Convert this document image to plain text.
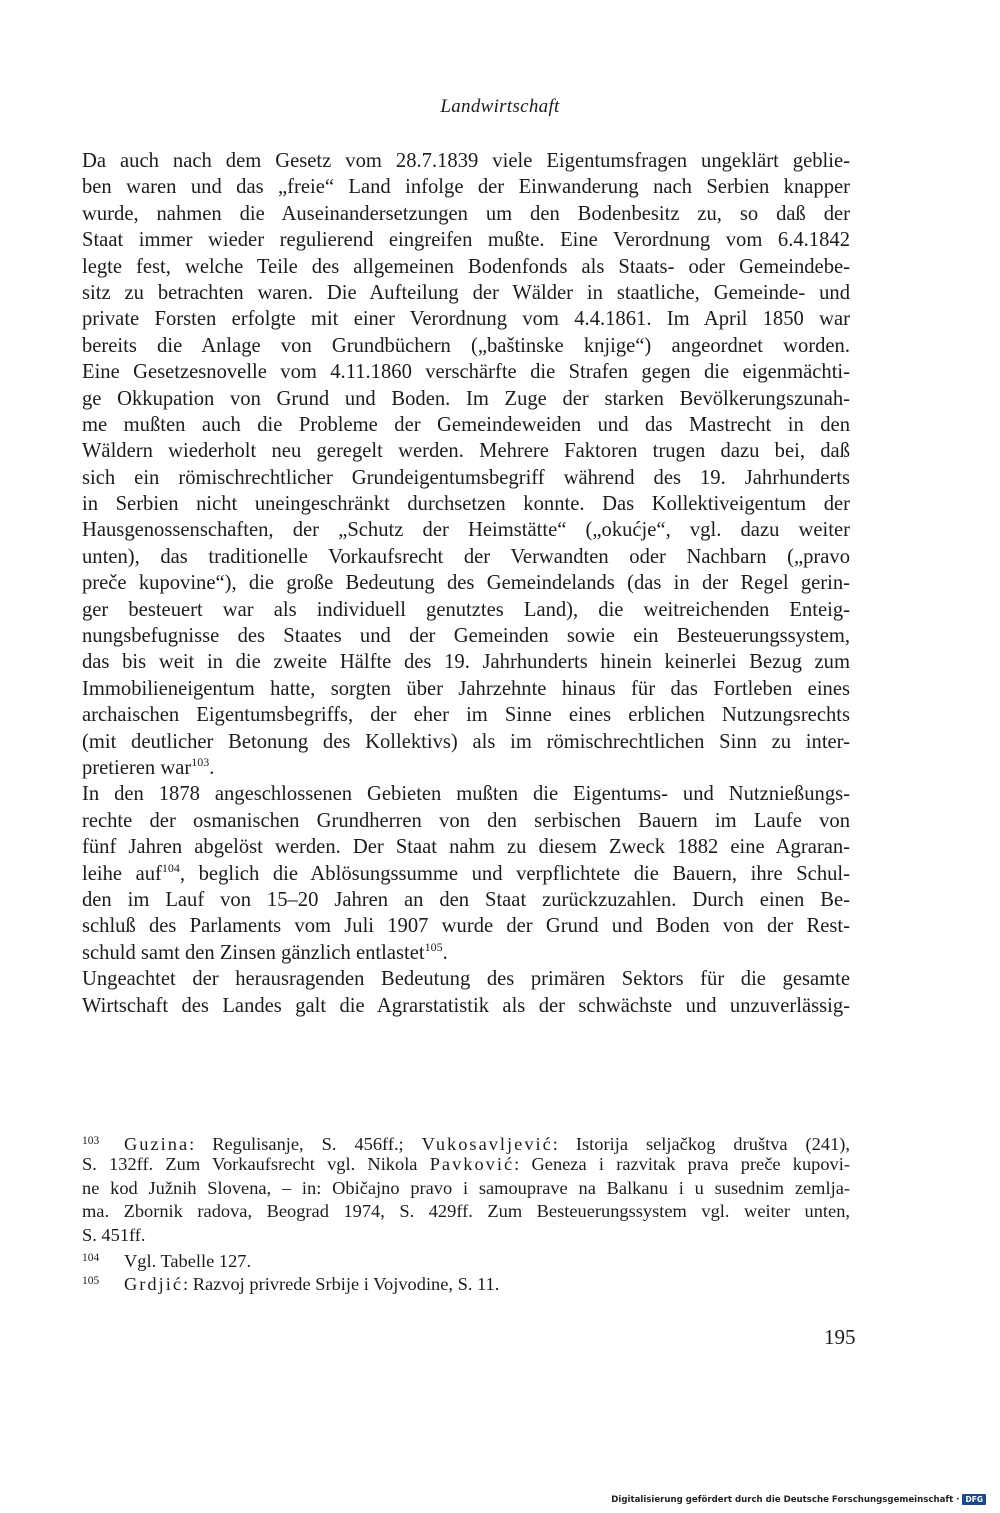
Landwirtschaft
Da auch nach dem Gesetz vom 28.7.1839 viele Eigentumsfragen ungeklärt geblie-
ben waren und das „freie“ Land infolge der Einwanderung nach Serbien knapper
wurde, nahmen die Auseinandersetzungen um den Bodenbesitz zu, so daß der
Staat immer wieder regulierend eingreifen mußte. Eine Verordnung vom 6.4.1842
legte fest, welche Teile des allgemeinen Bodenfonds als Staats- oder Gemeindebe-
sitz zu betrachten waren. Die Aufteilung der Wälder in staatliche, Gemeinde- und
private Forsten erfolgte mit einer Verordnung vom 4.4.1861. Im April 1850 war
bereits die Anlage von Grundbüchern („baštinske knjige“) angeordnet worden.
Eine Gesetzesnovelle vom 4.11.1860 verschärfte die Strafen gegen die eigenmächti-
ge Okkupation von Grund und Boden. Im Zuge der starken Bevölkerungszunah-
me mußten auch die Probleme der Gemeindeweiden und das Mastrecht in den
Wäldern wiederholt neu geregelt werden. Mehrere Faktoren trugen dazu bei, daß
sich ein römischrechtlicher Grundeigentumsbegriff während des 19. Jahrhunderts
in Serbien nicht uneingeschränkt durchsetzen konnte. Das Kollektiveigentum der
Hausgenossenschaften, der „Schutz der Heimstätte“ („okućje“, vgl. dazu weiter
unten), das traditionelle Vorkaufsrecht der Verwandten oder Nachbarn („pravo
preče kupovine“), die große Bedeutung des Gemeindelands (das in der Regel gerin-
ger besteuert war als individuell genutztes Land), die weitreichenden Enteig-
nungsbefugnisse des Staates und der Gemeinden sowie ein Besteuerungssystem,
das bis weit in die zweite Hälfte des 19. Jahrhunderts hinein keinerlei Bezug zum
Immobilieneigentum hatte, sorgten über Jahrzehnte hinaus für das Fortleben eines
archaischen Eigentumsbegriffs, der eher im Sinne eines erblichen Nutzungsrechts
(mit deutlicher Betonung des Kollektivs) als im römischrechtlichen Sinn zu inter-
pretieren war$^{103}$.
In den 1878 angeschlossenen Gebieten mußten die Eigentums- und Nutznießungs-
rechte der osmanischen Grundherren von den serbischen Bauern im Laufe von
fünf Jahren abgelöst werden. Der Staat nahm zu diesem Zweck 1882 eine Agraran-
leihe auf$^{104}$, beglich die Ablösungssumme und verpflichtete die Bauern, ihre Schul-
den im Lauf von 15–20 Jahren an den Staat zurückzuzahlen. Durch einen Be-
schluß des Parlaments vom Juli 1907 wurde der Grund und Boden von der Rest-
schuld samt den Zinsen gänzlich entlastet$^{105}$.
Ungeachtet der herausragenden Bedeutung des primären Sektors für die gesamte
Wirtschaft des Landes galt die Agrarstatistik als der schwächste und unzuverlässig-
103 Guzina: Regulisanje, S. 456ff.; Vukosavljević: Istorija seljačkog društva (241),
S. 132ff. Zum Vorkaufsrecht vgl. Nikola Pavković: Geneza i razvitak prava preče kupovi-
ne kod Južnih Slovena, – in: Običajno pravo i samouprave na Balkanu i u susednim zemlja-
ma. Zbornik radova, Beograd 1974, S. 429ff. Zum Besteuerungssystem vgl. weiter unten,
S. 451ff.
104 Vgl. Tabelle 127.
105 Grdjić: Razvoj privrede Srbije i Vojvodine, S. 11.
195
Digitalisierung gefördert durch die Deutsche Forschungsgemeinschaft · DFG
